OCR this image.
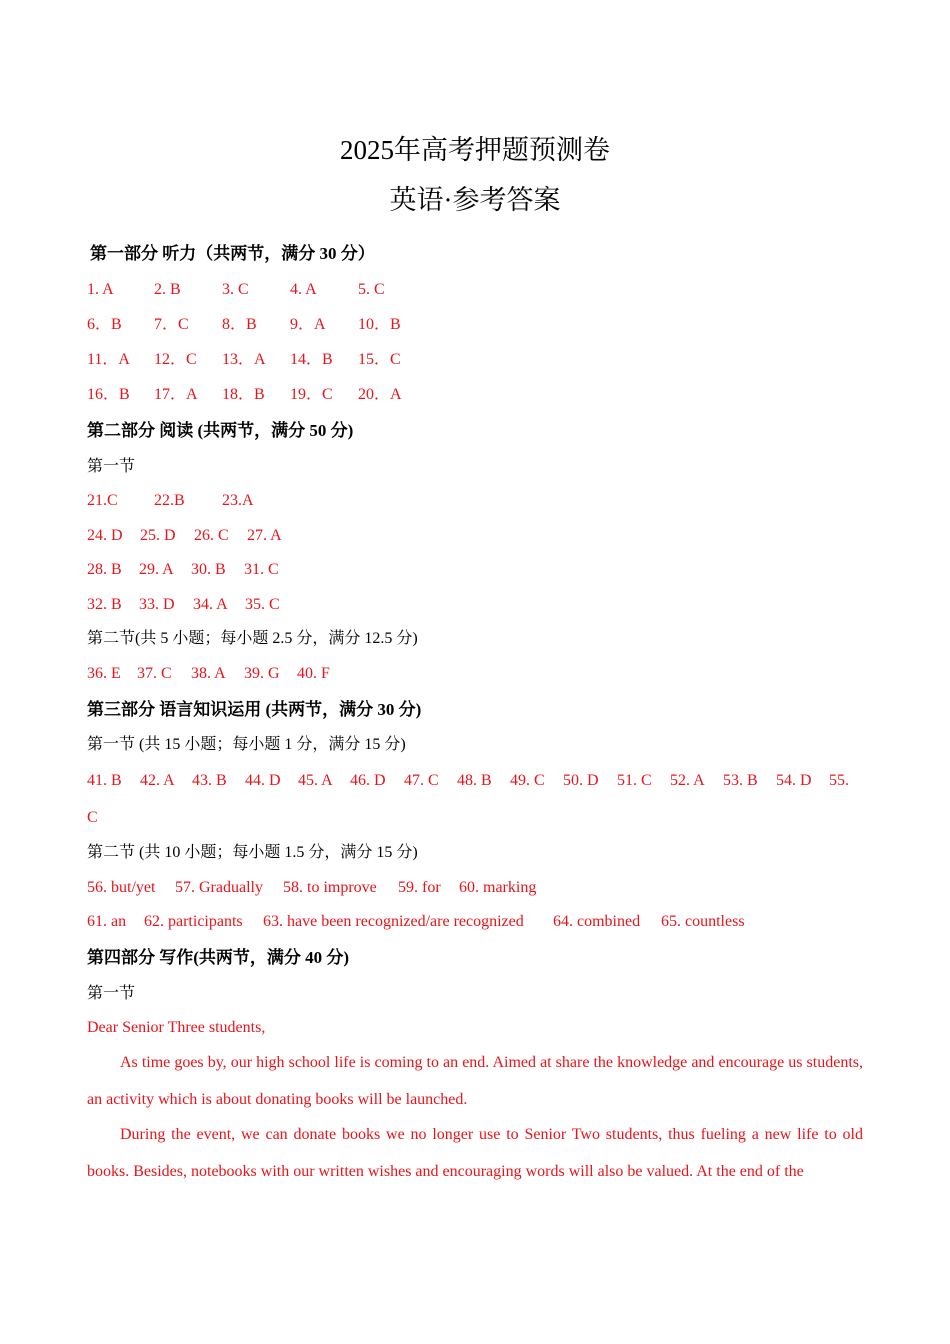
2025年高考押题预测卷
英语·参考答案
第一部分 听力（共两节，满分 30 分）
1. A	2. B	3. C	4. A	5. C
6．B 7．C 8．B 9．A 10．B
11．A 12．C 13．A 14．B 15．C
16．B 17．A 18．B 19．C 20．A
第二部分 阅读 (共两节，满分 50 分)
第一节
21.C 22.B 23.A
24. D 25. D 26. C 27. A
28. B 29. A 30. B 31. C
32. B 33. D 34. A 35. C
第二节(共 5 小题；每小题 2.5 分，满分 12.5 分)
36. E 37. C 38. A 39. G 40. F
第三部分 语言知识运用 (共两节，满分 30 分)
第一节 (共 15 小题；每小题 1 分，满分 15 分)
41. B 42. A 43. B 44. D 45. A 46. D 47. C 48. B 49. C 50. D 51. C 52. A 53. B 54. D 55.
C
第二节 (共 10 小题；每小题 1.5 分，满分 15 分)
56. but/yet 57. Gradually 58. to improve 59. for 60. marking
61. an 62. participants 63. have been recognized/are recognized 64. combined 65. countless
第四部分 写作(共两节，满分 40 分)
第一节
Dear Senior Three students,
As time goes by, our high school life is coming to an end. Aimed at share the knowledge and encourage us students, an activity which is about donating books will be launched.
During the event, we can donate books we no longer use to Senior Two students, thus fueling a new life to old books. Besides, notebooks with our written wishes and encouraging words will also be valued. At the end of the
